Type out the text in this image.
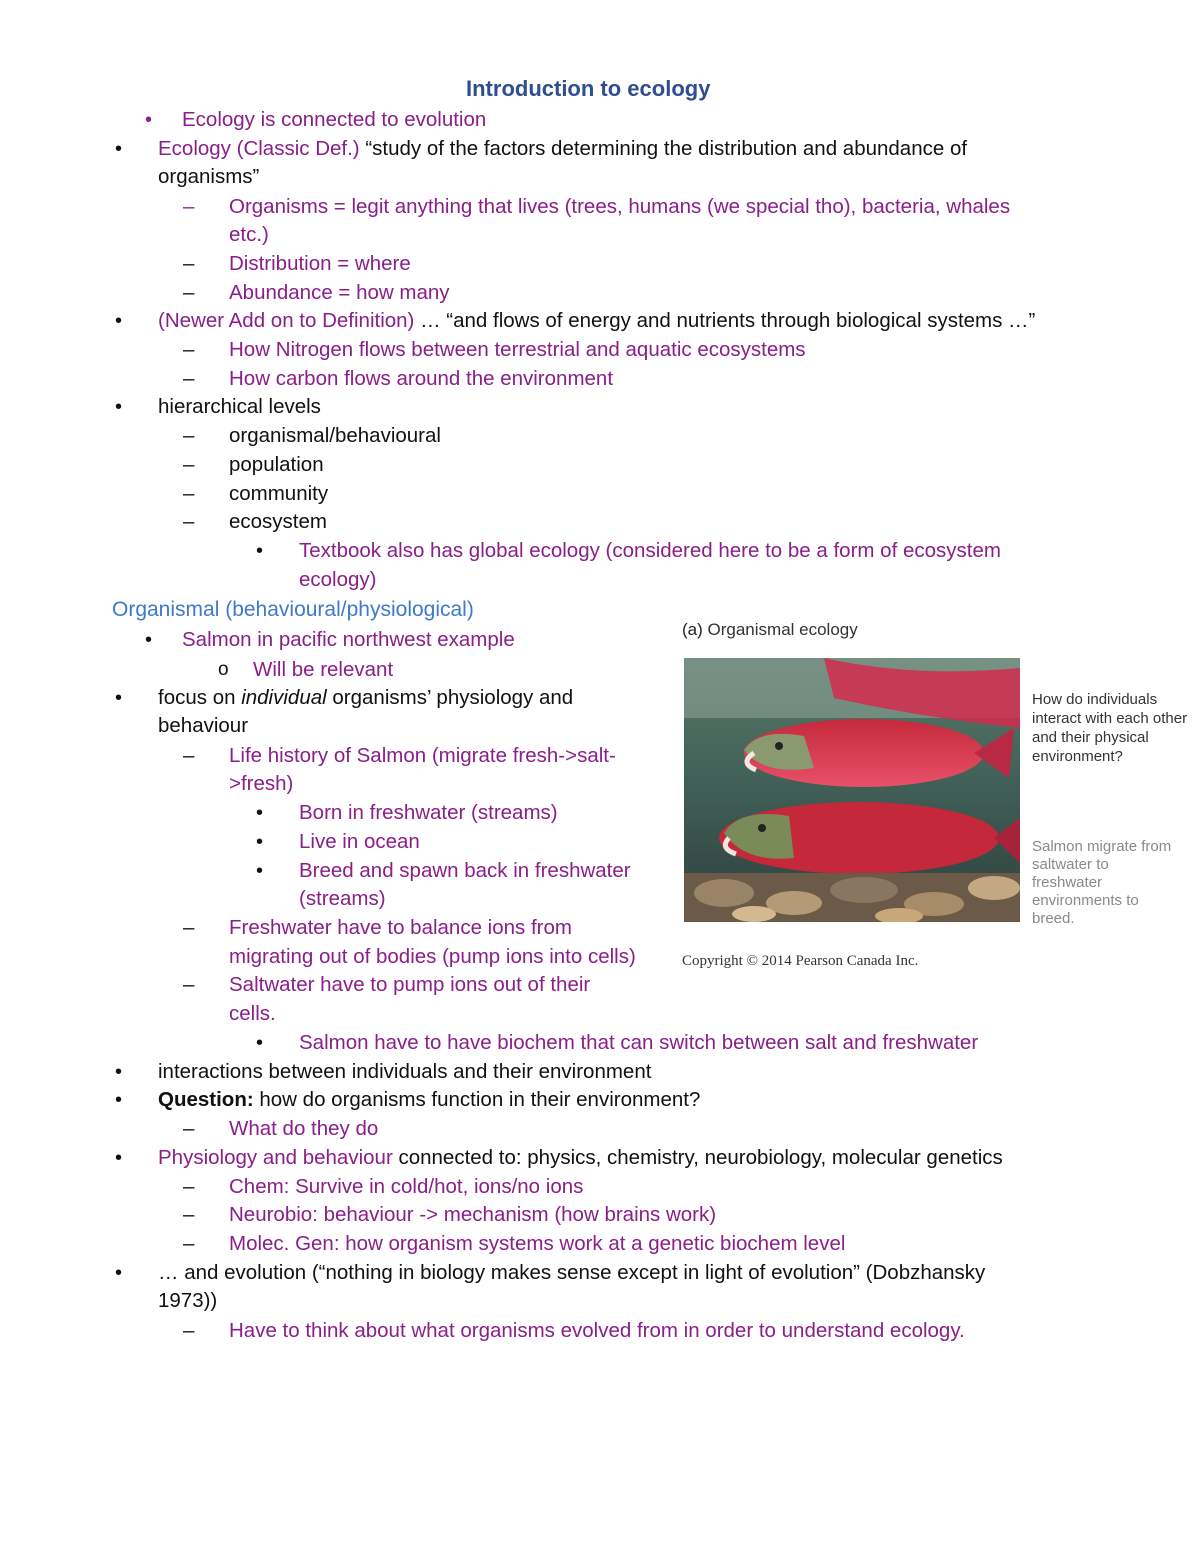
Introduction to ecology
• Ecology is connected to evolution
• Ecology (Classic Def.) “study of the factors determining the distribution and abundance of
organisms”
– Organisms = legit anything that lives (trees, humans (we special tho), bacteria, whales
etc.)
– Distribution = where
– Abundance = how many
• (Newer Add on to Definition) … “and flows of energy and nutrients through biological systems …”
– How Nitrogen flows between terrestrial and aquatic ecosystems
– How carbon flows around the environment
• hierarchical levels
– organismal/behavioural
– population
– community
– ecosystem
• Textbook also has global ecology (considered here to be a form of ecosystem
ecology)
Organismal (behavioural/physiological)
• Salmon in pacific northwest example
o Will be relevant
• focus on individual organisms’ physiology and
behaviour
– Life history of Salmon (migrate fresh->salt-
>fresh)
• Born in freshwater (streams)
• Live in ocean
• Breed and spawn back in freshwater
(streams)
– Freshwater have to balance ions from
migrating out of bodies (pump ions into cells)
– Saltwater have to pump ions out of their
cells.
• Salmon have to have biochem that can switch between salt and freshwater
• interactions between individuals and their environment
• Question: how do organisms function in their environment?
– What do they do
• Physiology and behaviour connected to: physics, chemistry, neurobiology, molecular genetics
– Chem: Survive in cold/hot, ions/no ions
– Neurobio: behaviour -> mechanism (how brains work)
– Molec. Gen: how organism systems work at a genetic biochem level
• … and evolution (“nothing in biology makes sense except in light of evolution” (Dobzhansky
1973))
– Have to think about what organisms evolved from in order to understand ecology.
(a) Organismal ecology
How do individuals interact with each other and their physical environment?
Salmon migrate from saltwater to freshwater environments to breed.
Copyright © 2014 Pearson Canada Inc.
